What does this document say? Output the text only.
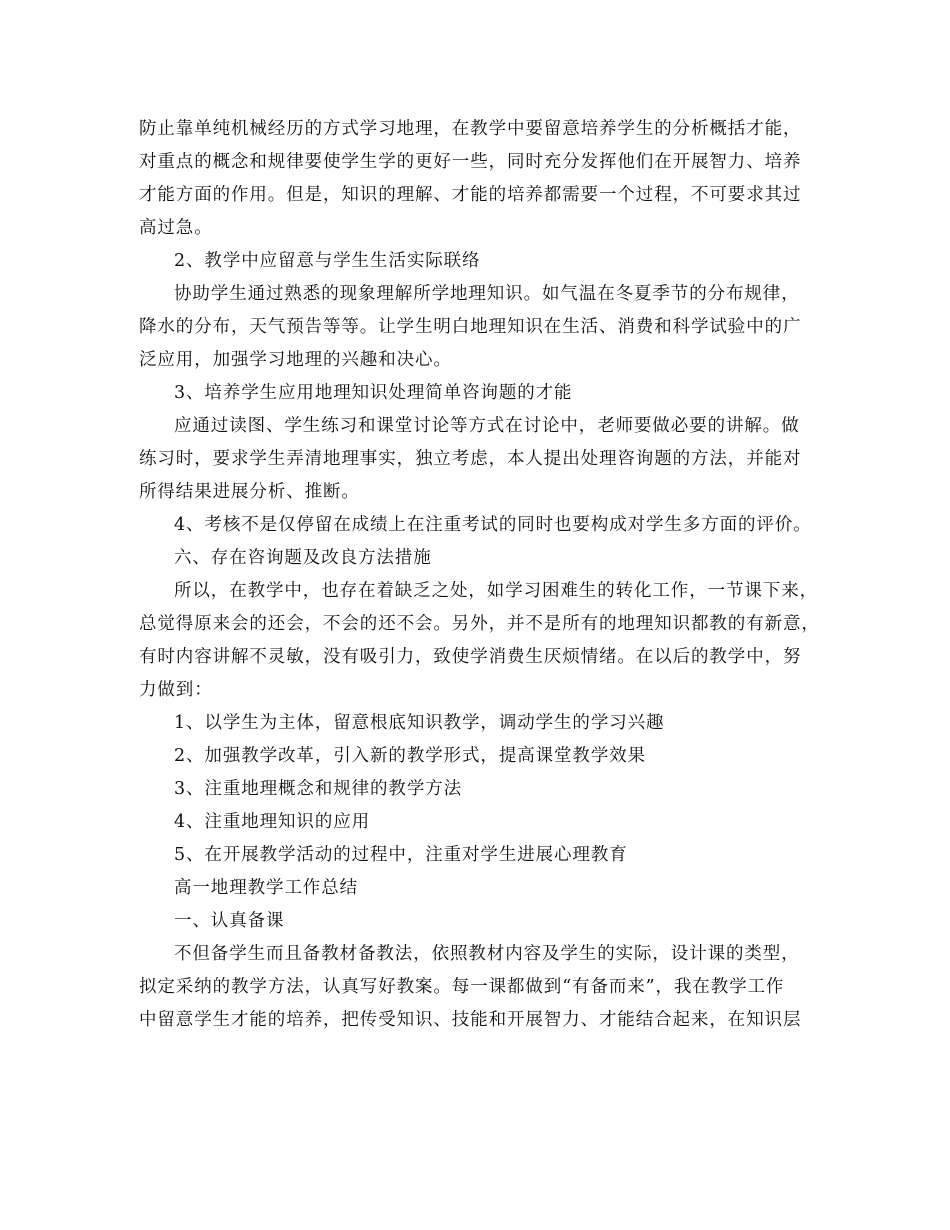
防止靠单纯机械经历的方式学习地理，在教学中要留意培养学生的分析概括才能，
对重点的概念和规律要使学生学的更好一些，同时充分发挥他们在开展智力、培养
才能方面的作用。但是，知识的理解、才能的培养都需要一个过程，不可要求其过
高过急。
2、教学中应留意与学生生活实际联络
协助学生通过熟悉的现象理解所学地理知识。如气温在冬夏季节的分布规律，
降水的分布，天气预告等等。让学生明白地理知识在生活、消费和科学试验中的广
泛应用，加强学习地理的兴趣和决心。
3、培养学生应用地理知识处理简单咨询题的才能
应通过读图、学生练习和课堂讨论等方式在讨论中，老师要做必要的讲解。做
练习时，要求学生弄清地理事实，独立考虑，本人提出处理咨询题的方法，并能对
所得结果进展分析、推断。
4、考核不是仅停留在成绩上在注重考试的同时也要构成对学生多方面的评价。
六、存在咨询题及改良方法措施
所以，在教学中，也存在着缺乏之处，如学习困难生的转化工作，一节课下来，
总觉得原来会的还会，不会的还不会。另外，并不是所有的地理知识都教的有新意，
有时内容讲解不灵敏，没有吸引力，致使学消费生厌烦情绪。在以后的教学中，努
力做到：
1、以学生为主体，留意根底知识教学，调动学生的学习兴趣
2、加强教学改革，引入新的教学形式，提高课堂教学效果
3、注重地理概念和规律的教学方法
4、注重地理知识的应用
5、在开展教学活动的过程中，注重对学生进展心理教育
高一地理教学工作总结
一、认真备课
不但备学生而且备教材备教法，依照教材内容及学生的实际，设计课的类型，
拟定采纳的教学方法，认真写好教案。每一课都做到“有备而来”，我在教学工作
中留意学生才能的培养，把传受知识、技能和开展智力、才能结合起来，在知识层
